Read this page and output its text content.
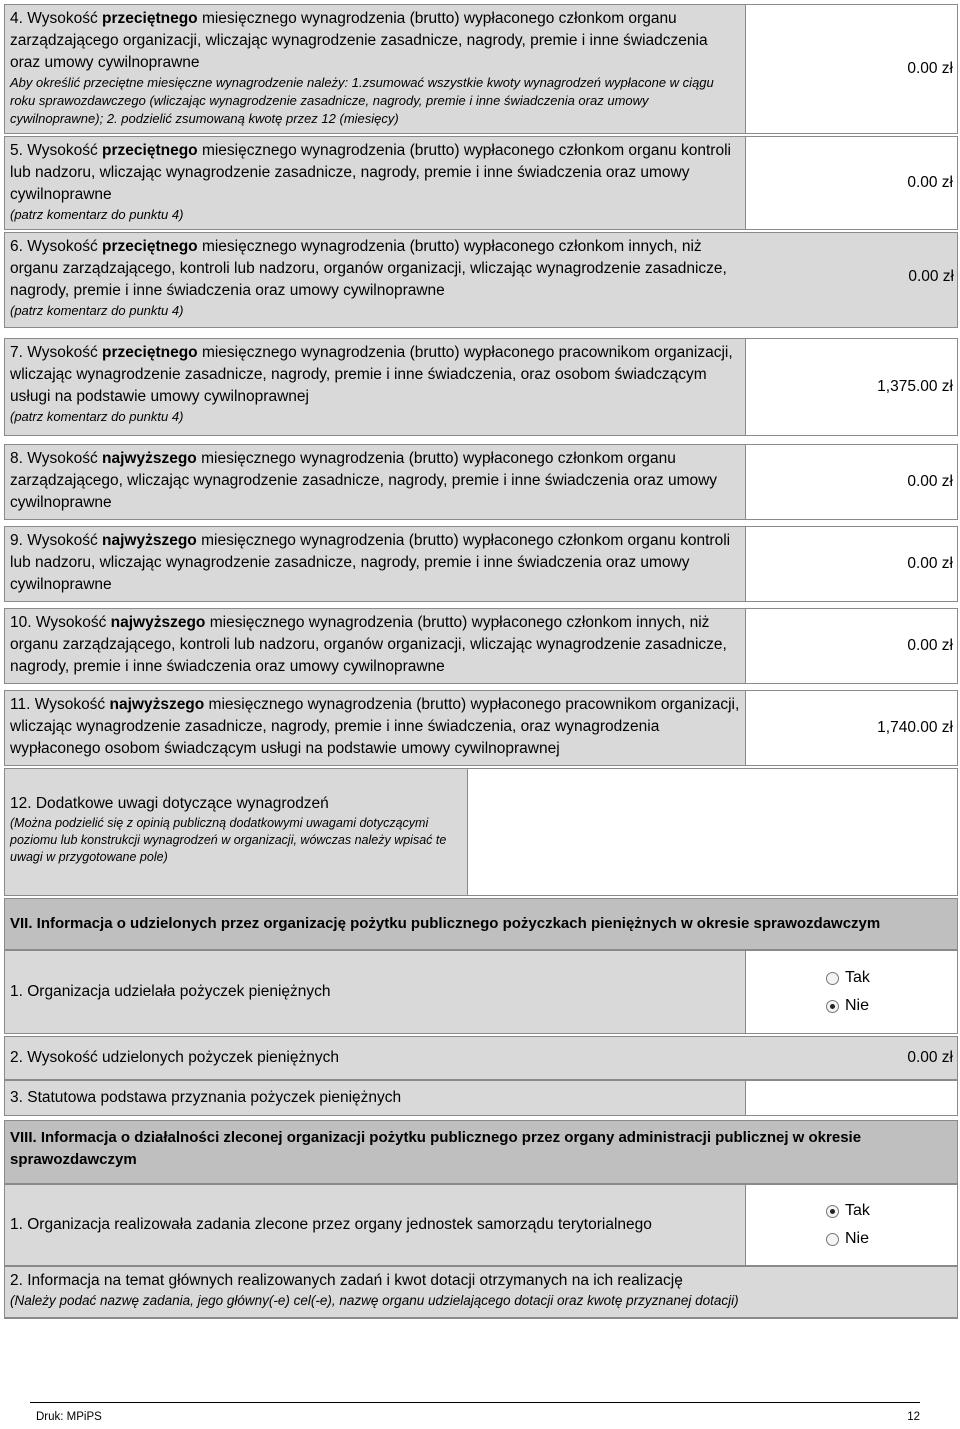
4. Wysokość przeciętnego miesięcznego wynagrodzenia (brutto) wypłaconego członkom organu zarządzającego organizacji, wliczając wynagrodzenie zasadnicze, nagrody, premie i inne świadczenia oraz umowy cywilnoprawne
Aby określić przeciętne miesięczne wynagrodzenie należy: 1.zsumować wszystkie kwoty wynagrodzeń wypłacone w ciągu roku sprawozdawczego (wliczając wynagrodzenie zasadnicze, nagrody, premie i inne świadczenia oraz umowy cywilnoprawne); 2. podzielić zsumowaną kwotę przez 12 (miesięcy)
0.00 zł
5. Wysokość przeciętnego miesięcznego wynagrodzenia (brutto) wypłaconego członkom organu kontroli lub nadzoru, wliczając wynagrodzenie zasadnicze, nagrody, premie i inne świadczenia oraz umowy cywilnoprawne
(patrz komentarz do punktu 4)
0.00 zł
6. Wysokość przeciętnego miesięcznego wynagrodzenia (brutto) wypłaconego członkom innych, niż organu zarządzającego, kontroli lub nadzoru, organów organizacji, wliczając wynagrodzenie zasadnicze, nagrody, premie i inne świadczenia oraz umowy cywilnoprawne
(patrz komentarz do punktu 4)
0.00 zł
7. Wysokość przeciętnego miesięcznego wynagrodzenia (brutto) wypłaconego pracownikom organizacji, wliczając wynagrodzenie zasadnicze, nagrody, premie i inne świadczenia, oraz osobom świadczącym usługi na podstawie umowy cywilnoprawnej
(patrz komentarz do punktu 4)
1,375.00 zł
8. Wysokość najwyższego miesięcznego wynagrodzenia (brutto) wypłaconego członkom organu zarządzającego, wliczając wynagrodzenie zasadnicze, nagrody, premie i inne świadczenia oraz umowy cywilnoprawne
0.00 zł
9. Wysokość najwyższego miesięcznego wynagrodzenia (brutto) wypłaconego członkom organu kontroli lub nadzoru, wliczając wynagrodzenie zasadnicze, nagrody, premie i inne świadczenia oraz umowy cywilnoprawne
0.00 zł
10. Wysokość najwyższego miesięcznego wynagrodzenia (brutto) wypłaconego członkom innych, niż organu zarządzającego, kontroli lub nadzoru, organów organizacji, wliczając wynagrodzenie zasadnicze, nagrody, premie i inne świadczenia oraz umowy cywilnoprawne
0.00 zł
11. Wysokość najwyższego miesięcznego wynagrodzenia (brutto) wypłaconego pracownikom organizacji, wliczając wynagrodzenie zasadnicze, nagrody, premie i inne świadczenia, oraz wynagrodzenia wypłaconego osobom świadczącym usługi na podstawie umowy cywilnoprawnej
1,740.00 zł
12. Dodatkowe uwagi dotyczące wynagrodzeń
(Można podzielić się z opinią publiczną dodatkowymi uwagami dotyczącymi poziomu lub konstrukcji wynagrodzeń w organizacji, wówczas należy wpisać te uwagi w przygotowane pole)
VII. Informacja o udzielonych przez organizację pożytku publicznego pożyczkach pieniężnych w okresie sprawozdawczym
1. Organizacja udzielała pożyczek pieniężnych
Tak
Nie
2. Wysokość udzielonych pożyczek pieniężnych	0.00 zł
3. Statutowa podstawa przyznania pożyczek pieniężnych
VIII. Informacja o działalności zleconej organizacji pożytku publicznego przez organy administracji publicznej w okresie sprawozdawczym
1. Organizacja realizowała zadania zlecone przez organy jednostek samorządu terytorialnego
Tak
Nie
2. Informacja na temat głównych realizowanych zadań i kwot dotacji otrzymanych na ich realizację
(Należy podać nazwę zadania, jego główny(-e) cel(-e), nazwę organu udzielającego dotacji oraz kwotę przyznanej dotacji)
Druk: MPiPS	12
